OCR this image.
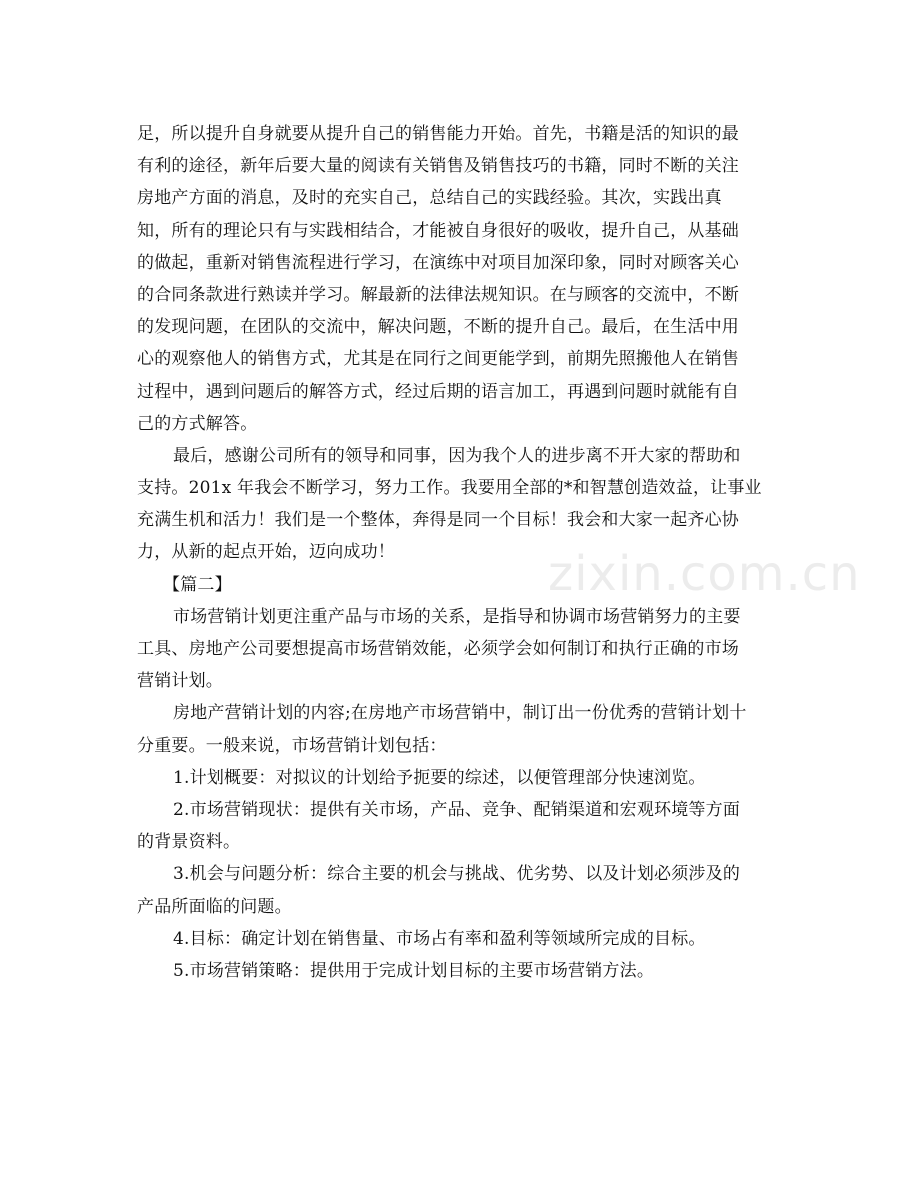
zixin.com.cn
足，所以提升自身就要从提升自己的销售能力开始。首先，书籍是活的知识的最
有利的途径，新年后要大量的阅读有关销售及销售技巧的书籍，同时不断的关注
房地产方面的消息，及时的充实自己，总结自己的实践经验。其次，实践出真
知，所有的理论只有与实践相结合，才能被自身很好的吸收，提升自己，从基础
的做起，重新对销售流程进行学习，在演练中对项目加深印象，同时对顾客关心
的合同条款进行熟读并学习。解最新的法律法规知识。在与顾客的交流中，不断
的发现问题，在团队的交流中，解决问题，不断的提升自己。最后，在生活中用
心的观察他人的销售方式，尤其是在同行之间更能学到，前期先照搬他人在销售
过程中，遇到问题后的解答方式，经过后期的语言加工，再遇到问题时就能有自
己的方式解答。
最后，感谢公司所有的领导和同事，因为我个人的进步离不开大家的帮助和
支持。201x 年我会不断学习，努力工作。我要用全部的*和智慧创造效益，让事业
充满生机和活力！我们是一个整体，奔得是同一个目标！我会和大家一起齐心协
力，从新的起点开始，迈向成功！
【篇二】
市场营销计划更注重产品与市场的关系，是指导和协调市场营销努力的主要
工具、房地产公司要想提高市场营销效能，必须学会如何制订和执行正确的市场
营销计划。
房地产营销计划的内容;在房地产市场营销中，制订出一份优秀的营销计划十
分重要。一般来说，市场营销计划包括：
1.计划概要：对拟议的计划给予扼要的综述，以便管理部分快速浏览。
2.市场营销现状：提供有关市场，产品、竞争、配销渠道和宏观环境等方面
的背景资料。
3.机会与问题分析：综合主要的机会与挑战、优劣势、以及计划必须涉及的
产品所面临的问题。
4.目标：确定计划在销售量、市场占有率和盈利等领域所完成的目标。
5.市场营销策略：提供用于完成计划目标的主要市场营销方法。
